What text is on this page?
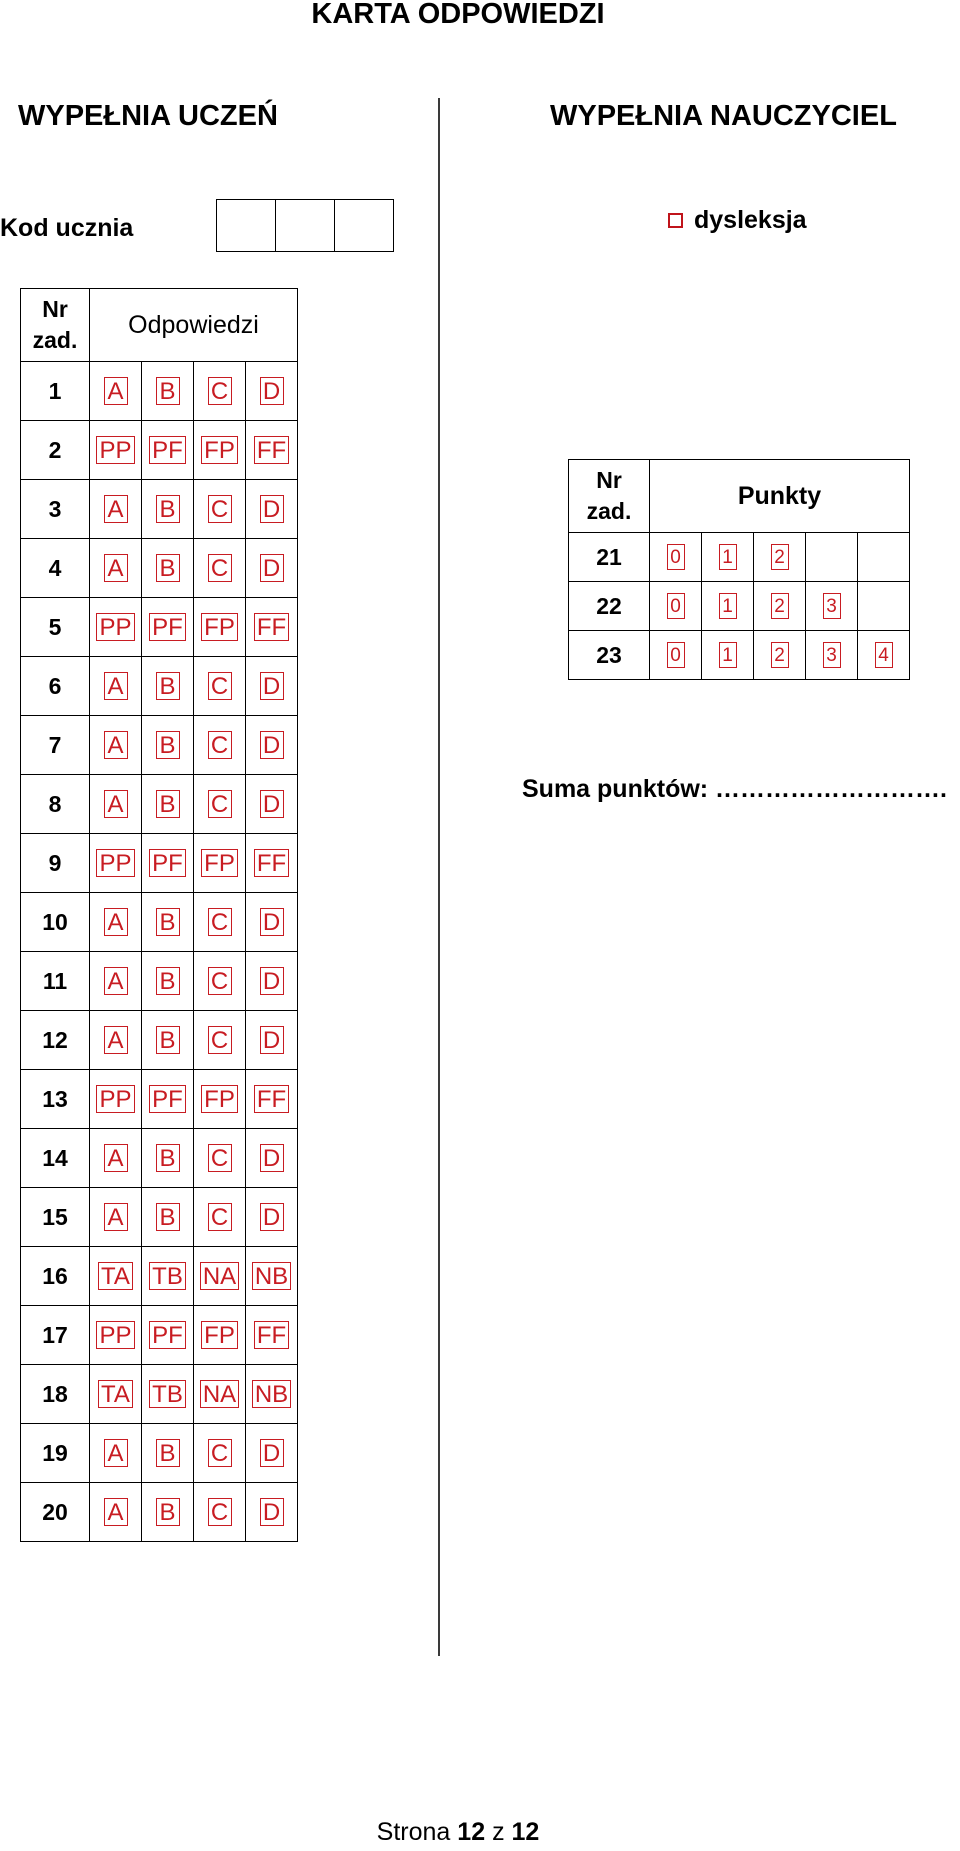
KARTA ODPOWIEDZI
WYPEŁNIA UCZEŃ	WYPEŁNIA NAUCZYCIEL
Kod ucznia	dysleksja
Nr
zad.	Odpowiedzi			
1	A	B	C	D
2	PP	PF	FP	FF
3	A	B	C	D
4	A	B	C	D
5	PP	PF	FP	FF
6	A	B	C	D
7	A	B	C	D
8	A	B	C	D
9	PP	PF	FP	FF
10	A	B	C	D
11	A	B	C	D
12	A	B	C	D
13	PP	PF	FP	FF
14	A	B	C	D
15	A	B	C	D
16	TA	TB	NA	NB
17	PP	PF	FP	FF
18	TA	TB	NA	NB
19	A	B	C	D
20	A	B	C	D
Nr
zad.	Punkty				
21	0	1	2		
22	0	1	2	3	
23	0	1	2	3	4
Suma punktów: ……………………….
Strona 12 z 12
